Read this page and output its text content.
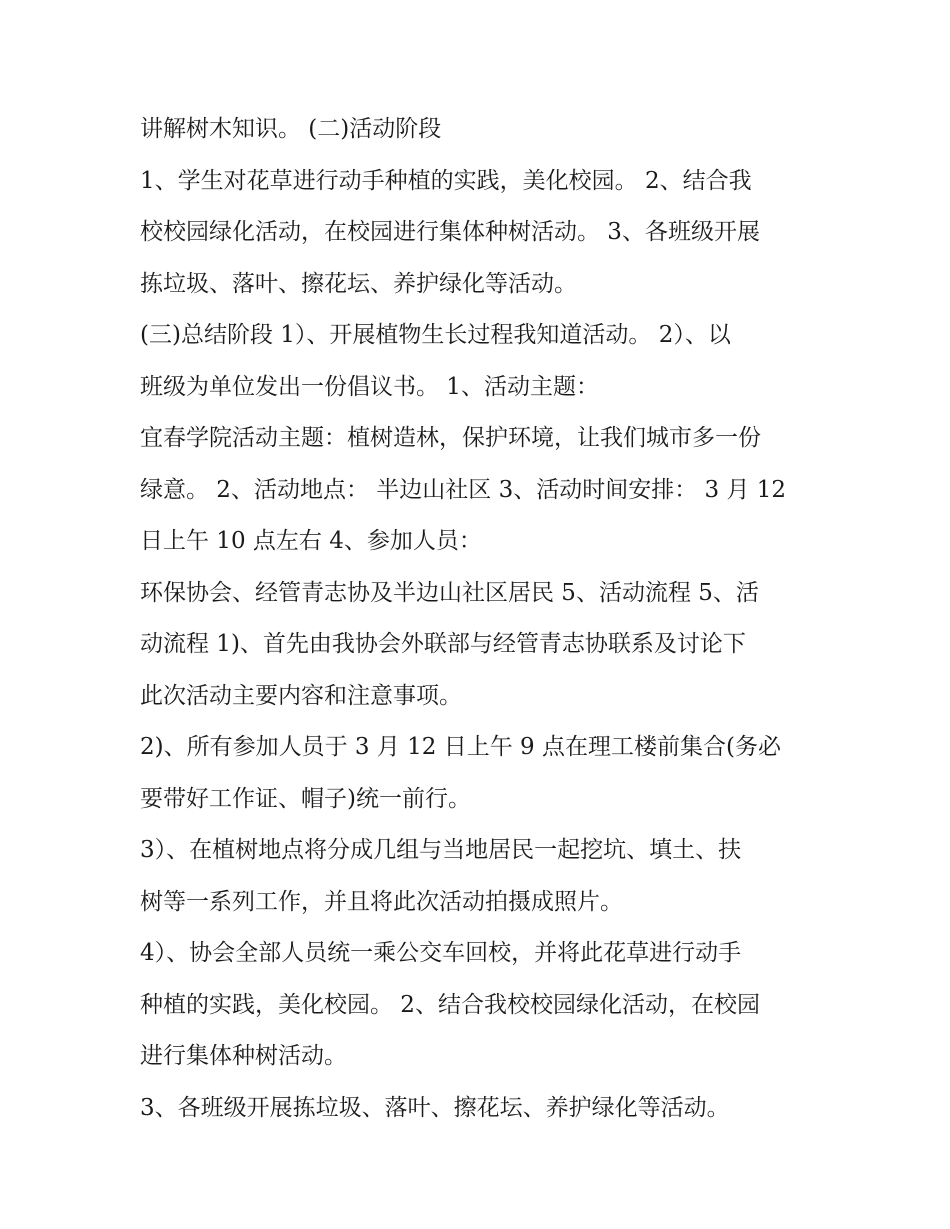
讲解树木知识。 (二)活动阶段
1、学生对花草进行动手种植的实践，美化校园。 2、结合我
校校园绿化活动，在校园进行集体种树活动。 3、各班级开展
拣垃圾、落叶、擦花坛、养护绿化等活动。
(三)总结阶段 1）、开展植物生长过程我知道活动。 2）、以
班级为单位发出一份倡议书。 1、活动主题：
宜春学院活动主题：植树造林，保护环境，让我们城市多一份
绿意。 2、活动地点： 半边山社区 3、活动时间安排： 3 月 12
日上午 10 点左右 4、参加人员：
环保协会、经管青志协及半边山社区居民 5、活动流程 5、活
动流程 1)、首先由我协会外联部与经管青志协联系及讨论下
此次活动主要内容和注意事项。
2)、所有参加人员于 3 月 12 日上午 9 点在理工楼前集合(务必
要带好工作证、帽子)统一前行。
3）、在植树地点将分成几组与当地居民一起挖坑、填土、扶
树等一系列工作，并且将此次活动拍摄成照片。
4）、协会全部人员统一乘公交车回校，并将此花草进行动手
种植的实践，美化校园。 2、结合我校校园绿化活动，在校园
进行集体种树活动。
3、各班级开展拣垃圾、落叶、擦花坛、养护绿化等活动。
